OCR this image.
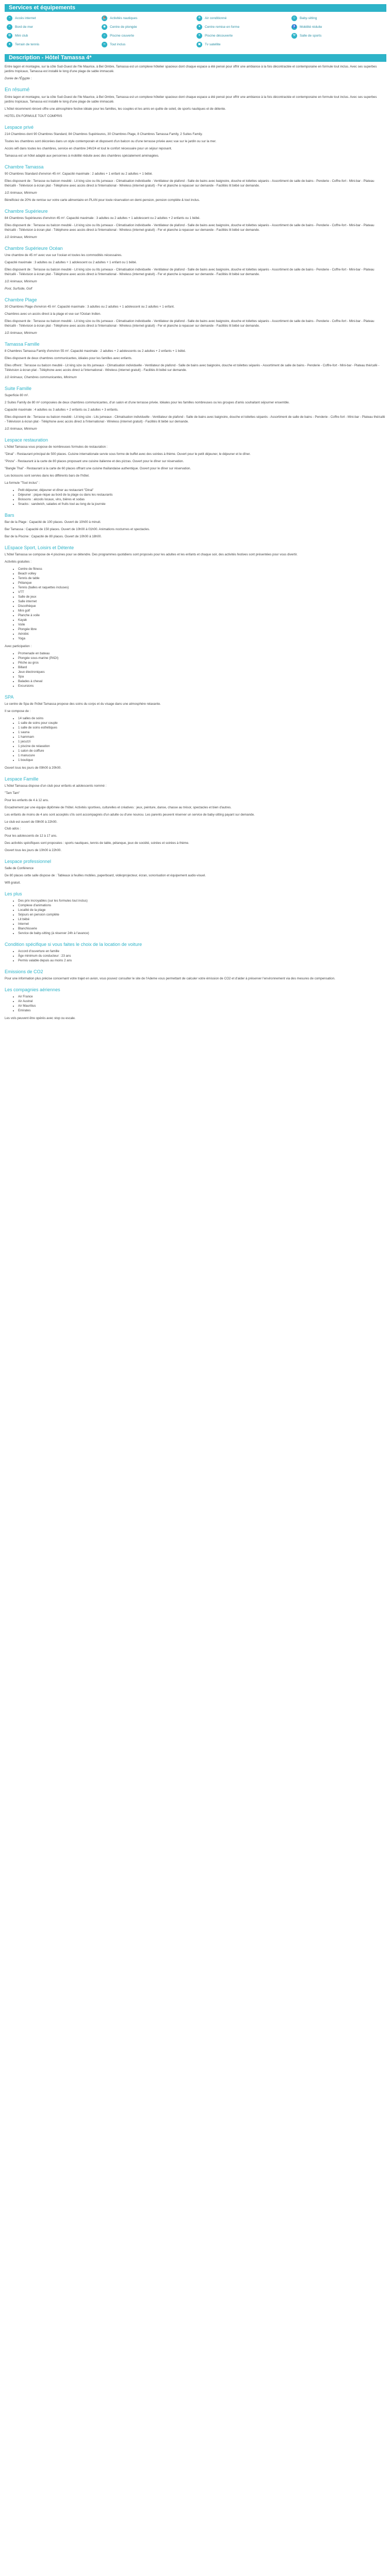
Services et équipements
⌁	Accès internet	⛵ Activités nautiques	❄	Air conditionné	☺	Baby-sitting
≈	Bord de mer	◉	Centre de plongée	♥	Centre remise en forme	♿ Mobilité réduite
✿	Mini club	⌂	Piscine couverte	☀	Piscine découverte	⚒	Salle de sports
●	Terrain de tennis	∞	Tout inclus	▣	Tv satellite
Description - Hôtel Tamassa 4*

Entre lagon et montagne, sur la côte Sud-Ouest de l'Ile Maurice, à Bel Ombre, Tamassa est un complexe hôtelier spacieux dont chaque espace a été pensé pour offrir une ambiance à la fois décontractée et contemporaine en formule tout inclus. Avec ses superbes jardins tropicaux, Tamassa est installé le long d'une plage de sable immaculé.

Durée de l'Égypte :

En résumé

Entre lagon et montagne, sur la côte Sud-Ouest de l'Ile Maurice, à Bel Ombre, Tamassa est un complexe hôtelier spacieux dont chaque espace a été pensé pour offrir une ambiance à la fois décontractée et contemporaine en formule tout inclus. Avec ses superbes jardins tropicaux, Tamassa est installé le long d'une plage de sable immaculé.

L'hôtel récemment rénové offre une atmosphère festive idéale pour les familles, les couples et les amis en quête de soleil, de sports nautiques et de détente.

HOTEL EN FORMULE TOUT COMPRIS

Lespace privé

214 Chambres dont 90 Chambres Standard, 84 Chambres Supérieures, 30 Chambres Plage, 8 Chambres Tamassa Family, 2 Suites Family.

Toutes les chambres sont décorées dans un style contemporain et disposent d'un balcon ou d'une terrasse privée avec vue sur le jardin ou sur la mer.

Accès wifi dans toutes les chambres, service en chambre 24h/24 et tout le confort nécessaire pour un séjour reposant.

Tamassa est un hôtel adapté aux personnes à mobilité réduite avec des chambres spécialement aménagées.

Chambre Tamassa

90 Chambres Standard d'environ 45 m². Capacité maximale : 2 adultes + 1 enfant ou 2 adultes + 1 bébé.

Elles disposent de : Terrasse ou balcon meublé - Lit king size ou lits jumeaux - Climatisation individuelle - Ventilateur de plafond - Salle de bains avec baignoire, douche et toilettes séparés - Assortiment de salle de bains - Penderie - Coffre-fort - Mini-bar - Plateau thé/café - Télévision à écran plat - Téléphone avec accès direct à l'international - Wireless (internet gratuit) - Fer et planche à repasser sur demande - Facilités lit bébé sur demande.

1/2 Animaux, Minimum

Bénéficiez de 20% de remise sur votre carte alimentaire en PLAN pour toute réservation en demi-pension, pension complète & tout inclus.

Chambre Supérieure

84 Chambres Supérieures d'environ 45 m². Capacité maximale : 3 adultes ou 2 adultes + 1 adolescent ou 2 adultes + 2 enfants ou 1 bébé.

Elles disposent de : Terrasse ou balcon meublé - Lit king size ou lits jumeaux - Climatisation individuelle - Ventilateur de plafond - Salle de bains avec baignoire, douche et toilettes séparés - Assortiment de salle de bains - Penderie - Coffre-fort - Mini-bar - Plateau thé/café - Télévision à écran plat - Téléphone avec accès direct à l'international - Wireless (internet gratuit) - Fer et planche à repasser sur demande - Facilités lit bébé sur demande.

1/2 Animaux, Minimum

Chambre Supérieure Océan

Une chambre de 45 m² avec vue sur l'océan et toutes les commodités nécessaires.

Capacité maximale : 3 adultes ou 2 adultes + 1 adolescent ou 2 adultes + 1 enfant ou 1 bébé.

Elles disposent de : Terrasse ou balcon meublé - Lit king size ou lits jumeaux - Climatisation individuelle - Ventilateur de plafond - Salle de bains avec baignoire, douche et toilettes séparés - Assortiment de salle de bains - Penderie - Coffre-fort - Mini-bar - Plateau thé/café - Télévision à écran plat - Téléphone avec accès direct à l'international - Wireless (internet gratuit) - Fer et planche à repasser sur demande - Facilités lit bébé sur demande.

1/2 Animaux, Minimum

Pool, Surfside, Golf

Chambre Plage

30 Chambres Plage d'environ 45 m². Capacité maximale : 3 adultes ou 2 adultes + 1 adolescent ou 2 adultes + 1 enfant.

Chambres avec un accès direct à la plage et vue sur l'Océan Indien.

Elles disposent de : Terrasse ou balcon meublé - Lit king size ou lits jumeaux - Climatisation individuelle - Ventilateur de plafond - Salle de bains avec baignoire, douche et toilettes séparés - Assortiment de salle de bains - Penderie - Coffre-fort - Mini-bar - Plateau thé/café - Télévision à écran plat - Téléphone avec accès direct à l'international - Wireless (internet gratuit) - Fer et planche à repasser sur demande - Facilités lit bébé sur demande.

1/2 Animaux, Minimum

Tamassa Famille

8 Chambres Tamassa Family d'environ 55 m². Capacité maximale : 2 adultes + 2 adolescents ou 2 adultes + 2 enfants + 1 bébé.

Elles disposent de deux chambres communicantes, idéales pour les familles avec enfants.

Elles offrent : Terrasse ou balcon meublé - Lit king size ou lits jumeaux - Climatisation individuelle - Ventilateur de plafond - Salle de bains avec baignoire, douche et toilettes séparés - Assortiment de salle de bains - Penderie - Coffre-fort - Mini-bar - Plateau thé/café - Télévision à écran plat - Téléphone avec accès direct à l'international - Wireless (internet gratuit) - Facilités lit bébé sur demande.

1/2 Animaux, Chambres communicantes, Minimum

Suite Famille

Superficie 80 m².

2 Suites Family de 80 m² composées de deux chambres communicantes, d'un salon et d'une terrasse privée. Idéales pour les familles nombreuses ou les groupes d'amis souhaitant séjourner ensemble.

Capacité maximale : 4 adultes ou 3 adultes + 2 enfants ou 2 adultes + 3 enfants.

Elles disposent de : Terrasse ou balcon meublé - Lit king size - Lits jumeaux - Climatisation individuelle - Ventilateur de plafond - Salle de bains avec baignoire, douche et toilettes séparés - Assortiment de salle de bains - Penderie - Coffre-fort - Mini-bar - Plateau thé/café - Télévision à écran plat - Téléphone avec accès direct à l'international - Wireless (internet gratuit) - Facilités lit bébé sur demande.

1/2 Animaux, Minimum

Lespace restauration

L'hôtel Tamassa vous propose de nombreuses formules de restauration :

"Dinai" - Restaurant principal de 500 places. Cuisine internationale servie sous forme de buffet avec des soirées à thème. Ouvert pour le petit déjeuner, le déjeuner et le dîner.

"Pinza" - Restaurant à la carte de 80 places proposant une cuisine italienne et des pizzas. Ouvert pour le dîner sur réservation.

"Bangle Thai" - Restaurant à la carte de 60 places offrant une cuisine thaïlandaise authentique. Ouvert pour le dîner sur réservation.

Les boissons sont servies dans les différents bars de l'hôtel.

La formule "Tout inclus" :

• Petit déjeuner, déjeuner et dîner au restaurant "Dinai"
• Déjeuner : pique-nique au bord de la plage ou dans les restaurants
• Boissons : alcools locaux, vins, bières et sodas
• Snacks : sandwich, salades et fruits tout au long de la journée
Bars

Bar de la Plage : Capacité de 100 places. Ouvert de 10h00 à minuit.

Bar Tamassa : Capacité de 150 places. Ouvert de 10h00 à 01h00. Animations nocturnes et spectacles.

Bar de la Piscine : Capacité de 80 places. Ouvert de 10h00 à 18h00.

LEspace Sport, Loisirs et Détente

L'hôtel Tamassa se compose de 4 piscines pour se détendre. Des programmes quotidiens sont proposés pour les adultes et les enfants et chaque soir, des activités festives sont présentées pour vous divertir.

Activités gratuites :

• Centre de fitness
• Beach volley
• Tennis de table
• Pétanque
• Tennis (balles et raquettes incluses)
• VTT
• Salle de jeux
• Salle internet
• Discothèque
• Mini golf
• Planche à voile
• Kayak
• Voile
• Plongée libre
• Aérobic
• Yoga

Avec participation :

• Promenade en bateau
• Plongée sous-marine (PADI)
• Pêche au gros
• Billard
• Jeux électroniques
• Spa
• Balades à cheval
• Excursions
SPA

Le centre de Spa de l'hôtel Tamassa propose des soins du corps et du visage dans une atmosphère relaxante.

Il se compose de :

• 14 salles de soins
• 1 salle de soins pour couple
• 1 salle de soins esthétiques
• 1 sauna
• 1 hammam
• 1 jacuzzi
• 1 piscine de relaxation
• 1 salon de coiffure
• 1 manucure
• 1 boutique

Ouvert tous les jours de 09h00 à 20h00.

Lespace Famille

L'hôtel Tamassa dispose d'un club pour enfants et adolescents nommé :

"Tam Tam"

Pour les enfants de 4 à 12 ans.

Encadrement par une équipe diplômée de l'hôtel. Activités sportives, culturelles et créatives : jeux, peinture, danse, chasse au trésor, spectacles et bien d'autres.

Les enfants de moins de 4 ans sont acceptés s'ils sont accompagnés d'un adulte ou d'une nounou. Les parents peuvent réserver un service de baby-sitting payant sur demande.

Le club est ouvert de 09h00 à 22h00.

Club ados :

Pour les adolescents de 12 à 17 ans.

Des activités spécifiques sont proposées : sports nautiques, tennis de table, pétanque, jeux de société, soirées et soirées à thème.

Ouvert tous les jours de 10h00 à 22h00.

Lespace professionnel

Salle de Conférence

De 80 places cette salle dispose de : Tableaux à feuilles mobiles, paperboard, vidéoprojecteur, écran, sonorisation et équipement audio-visuel.

Wifi gratuit.

Les plus
• Des prix incroyables (sur les formules tout inclus)
• Complexe d'animations
• Localité de la plage
• Séjours en pension complète
• Lit bébé
• Internet
• Blanchisserie
• Service de baby-sitting (à réserver 24h à l'avance)
Condition spécifique si vous faites le choix de la location de voiture
• Accord d'ouverture en famille
• Âge minimum du conducteur : 23 ans
• Permis valable depuis au moins 2 ans
Emissions de CO2

Pour une information plus précise concernant votre trajet en avion, vous pouvez consulter le site de l'Ademe vous permettant de calculer votre émission de CO2 et d'aider à préserver l'environnement via des mesures de compensation.

Les compagnies aériennes
• Air France
• Air Austral
• Air Mauritius
• Emirates

Les vols peuvent être opérés avec stop ou escale.
